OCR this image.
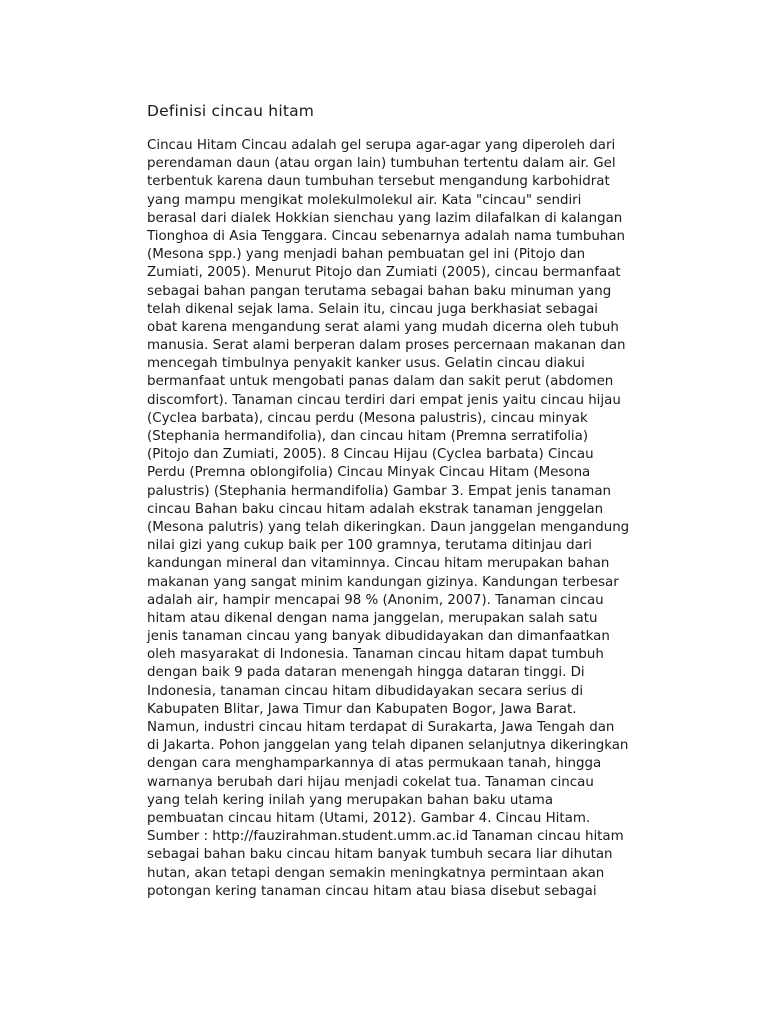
Definisi cincau hitam
Cincau Hitam Cincau adalah gel serupa agar-agar yang diperoleh dari
perendaman daun (atau organ lain) tumbuhan tertentu dalam air. Gel
terbentuk karena daun tumbuhan tersebut mengandung karbohidrat
yang mampu mengikat molekulmolekul air. Kata "cincau" sendiri
berasal dari dialek Hokkian sienchau yang lazim dilafalkan di kalangan
Tionghoa di Asia Tenggara. Cincau sebenarnya adalah nama tumbuhan
(Mesona spp.) yang menjadi bahan pembuatan gel ini (Pitojo dan
Zumiati, 2005). Menurut Pitojo dan Zumiati (2005), cincau bermanfaat
sebagai bahan pangan terutama sebagai bahan baku minuman yang
telah dikenal sejak lama. Selain itu, cincau juga berkhasiat sebagai
obat karena mengandung serat alami yang mudah dicerna oleh tubuh
manusia. Serat alami berperan dalam proses percernaan makanan dan
mencegah timbulnya penyakit kanker usus. Gelatin cincau diakui
bermanfaat untuk mengobati panas dalam dan sakit perut (abdomen
discomfort). Tanaman cincau terdiri dari empat jenis yaitu cincau hijau
(Cyclea barbata), cincau perdu (Mesona palustris), cincau minyak
(Stephania hermandifolia), dan cincau hitam (Premna serratifolia)
(Pitojo dan Zumiati, 2005). 8 Cincau Hijau (Cyclea barbata) Cincau
Perdu (Premna oblongifolia) Cincau Minyak Cincau Hitam (Mesona
palustris) (Stephania hermandifolia) Gambar 3. Empat jenis tanaman
cincau Bahan baku cincau hitam adalah ekstrak tanaman jenggelan
(Mesona palutris) yang telah dikeringkan. Daun janggelan mengandung
nilai gizi yang cukup baik per 100 gramnya, terutama ditinjau dari
kandungan mineral dan vitaminnya. Cincau hitam merupakan bahan
makanan yang sangat minim kandungan gizinya. Kandungan terbesar
adalah air, hampir mencapai 98 % (Anonim, 2007). Tanaman cincau
hitam atau dikenal dengan nama janggelan, merupakan salah satu
jenis tanaman cincau yang banyak dibudidayakan dan dimanfaatkan
oleh masyarakat di Indonesia. Tanaman cincau hitam dapat tumbuh
dengan baik 9 pada dataran menengah hingga dataran tinggi. Di
Indonesia, tanaman cincau hitam dibudidayakan secara serius di
Kabupaten Blitar, Jawa Timur dan Kabupaten Bogor, Jawa Barat.
Namun, industri cincau hitam terdapat di Surakarta, Jawa Tengah dan
di Jakarta. Pohon janggelan yang telah dipanen selanjutnya dikeringkan
dengan cara menghamparkannya di atas permukaan tanah, hingga
warnanya berubah dari hijau menjadi cokelat tua. Tanaman cincau
yang telah kering inilah yang merupakan bahan baku utama
pembuatan cincau hitam (Utami, 2012). Gambar 4. Cincau Hitam.
Sumber : http://fauzirahman.student.umm.ac.id Tanaman cincau hitam
sebagai bahan baku cincau hitam banyak tumbuh secara liar dihutan
hutan, akan tetapi dengan semakin meningkatnya permintaan akan
potongan kering tanaman cincau hitam atau biasa disebut sebagai
